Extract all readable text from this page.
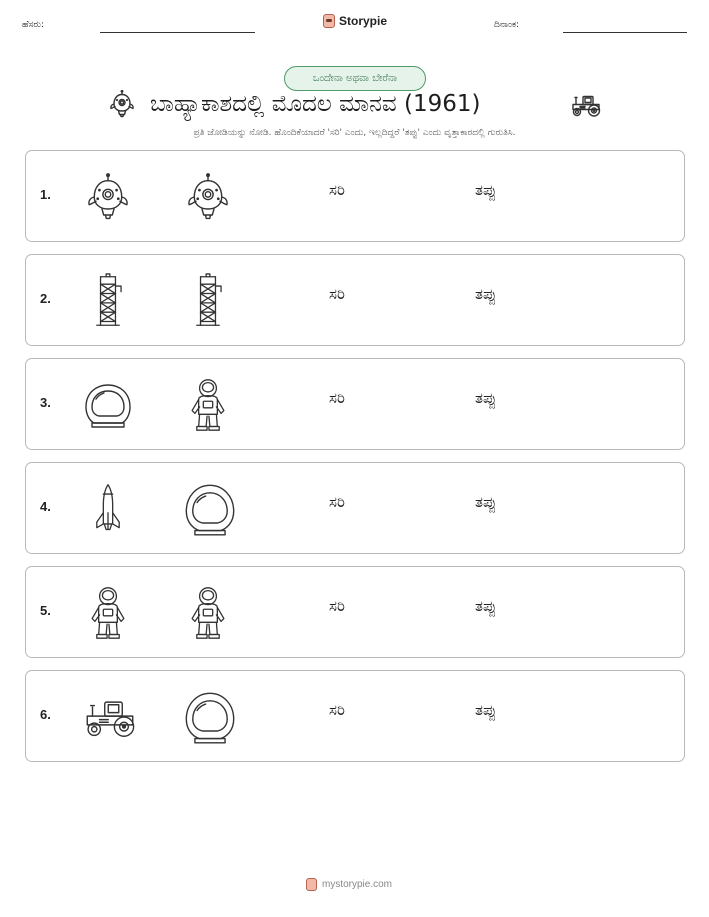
ಹೆಸರು:	Storypie	ದಿನಾಂಕ:
ಒಂದೇನಾ ಅಥವಾ ಬೇರೆನಾ
ಬಾಹ್ಯಾಕಾಶದಲ್ಲಿ ಮೊದಲ ಮಾನವ (1961)
ಪ್ರತಿ ಜೋಡಿಯನ್ನು ನೋಡಿ. ಹೊಂದಿಕೆಯಾದರೆ 'ಸರಿ' ಎಂದು, ಇಲ್ಲದಿದ್ದರೆ 'ತಪ್ಪು' ಎಂದು ವೃತ್ತಾಕಾರದಲ್ಲಿ ಗುರುತಿಸಿ.
1.	ಸರಿ	ತಪ್ಪು
2.	ಸರಿ	ತಪ್ಪು
3.	ಸರಿ	ತಪ್ಪು
4.	ಸರಿ	ತಪ್ಪು
5.	ಸರಿ	ತಪ್ಪು
6.	ಸರಿ	ತಪ್ಪು
mystorypie.com
